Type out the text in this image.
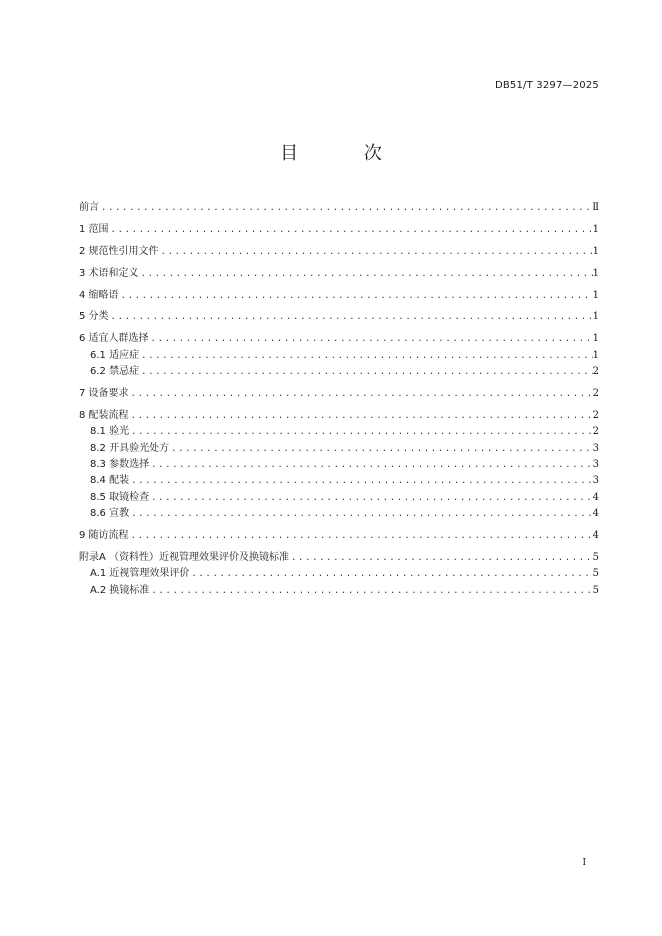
DB51/T 3297—2025
目 次
前言 .....	Ⅱ
1 范围 .....	1
2 规范性引用文件 .....	1
3 术语和定义 .....	1
4 缩略语 .....	1
5 分类 .....	1
6 适宜人群选择 .....	1
6.1 适应症 .....	1
6.2 禁忌症 .....	2
7 设备要求 .....	2
8 配装流程 .....	2
8.1 验光 .....	2
8.2 开具验光处方 .....	3
8.3 参数选择 .....	3
8.4 配装 .....	3
8.5 取镜检查 .....	4
8.6 宣教 .....	4
9 随访流程 .....	4
附录A （资料性）近视管理效果评价及换镜标准 .....	5
A.1 近视管理效果评价 .....	5
A.2 换镜标准 .....	5
I
